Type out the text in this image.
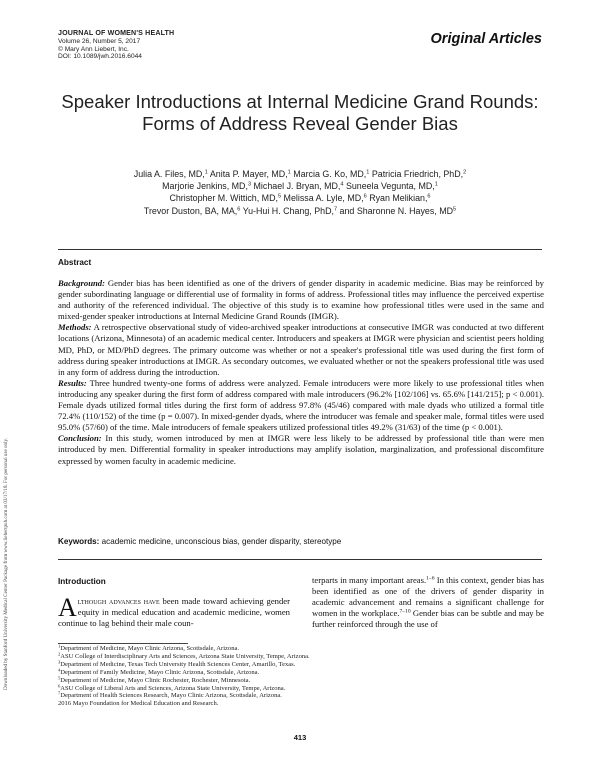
JOURNAL OF WOMEN'S HEALTH
Volume 26, Number 5, 2017
© Mary Ann Liebert, Inc.
DOI: 10.1089/jwh.2016.6044
Original Articles
Speaker Introductions at Internal Medicine Grand Rounds:
Forms of Address Reveal Gender Bias
Julia A. Files, MD,$^1$ Anita P. Mayer, MD,$^1$ Marcia G. Ko, MD,$^1$ Patricia Friedrich, PhD,$^2$
Marjorie Jenkins, MD,$^3$ Michael J. Bryan, MD,$^4$ Suneela Vegunta, MD,$^1$
Christopher M. Wittich, MD,$^5$ Melissa A. Lyle, MD,$^6$ Ryan Melikian,$^6$
Trevor Duston, BA, MA,$^6$ Yu-Hui H. Chang, PhD,$^7$ and Sharonne N. Hayes, $MD^5$
Downloaded by Stanford University Medical Center Package from www.liebertpub.com at 03/17/18. For personal use only.
Abstract

Background: Gender bias has been identified as one of the drivers of gender disparity in academic medicine. Bias may be reinforced by gender subordinating language or differential use of formality in forms of address. Professional titles may influence the perceived expertise and authority of the referenced individual. The objective of this study is to examine how professional titles were used in the same and mixed-gender speaker introductions at Internal Medicine Grand Rounds (IMGR).

Methods: A retrospective observational study of video-archived speaker introductions at consecutive IMGR was conducted at two different locations (Arizona, Minnesota) of an academic medical center. Introducers and speakers at IMGR were physician and scientist peers holding MD, PhD, or MD/PhD degrees. The primary outcome was whether or not a speaker's professional title was used during the first form of address during speaker introductions at IMGR. As secondary outcomes, we evaluated whether or not the speakers professional title was used in any form of address during the introduction.

Results: Three hundred twenty-one forms of address were analyzed. Female introducers were more likely to use professional titles when introducing any speaker during the first form of address compared with male introducers (96.2% [102/106] vs. 65.6% [141/215]; p < 0.001). Female dyads utilized formal titles during the first form of address 97.8% (45/46) compared with male dyads who utilized a formal title 72.4% (110/152) of the time (p = 0.007). In mixed-gender dyads, where the introducer was female and speaker male, formal titles were used 95.0% (57/60) of the time. Male introducers of female speakers utilized professional titles 49.2% (31/63) of the time (p < 0.001).

Conclusion: In this study, women introduced by men at IMGR were less likely to be addressed by professional title than were men introduced by men. Differential formality in speaker introductions may amplify isolation, marginalization, and professional discomfiture expressed by women faculty in academic medicine.

Keywords: academic medicine, unconscious bias, gender disparity, stereotype
Introduction

Although advances have been made toward achieving gender equity in medical education and academic medicine, women continue to lag behind their male coun-

terparts in many important areas.$^{1-6}$ In this context, gender bias has been identified as one of the drivers of gender disparity in academic advancement and remains a significant challenge for women in the workplace.$^{7-10}$ Gender bias can be subtle and may be further reinforced through the use of

$^1$Department of Medicine, Mayo Clinic Arizona, Scottsdale, Arizona.
$^2$ASU College of Interdisciplinary Arts and Sciences, Arizona State University, Tempe, Arizona.
$^3$Department of Medicine, Texas Tech University Health Sciences Center, Amarillo, Texas.
$^4$Department of Family Medicine, Mayo Clinic Arizona, Scottsdale, Arizona.
$^5$Department of Medicine, Mayo Clinic Rochester, Rochester, Minnesota.
$^6$ASU College of Liberal Arts and Sciences, Arizona State University, Tempe, Arizona.
$^7$Department of Health Sciences Research, Mayo Clinic Arizona, Scottsdale, Arizona.
2016 Mayo Foundation for Medical Education and Research.
413
